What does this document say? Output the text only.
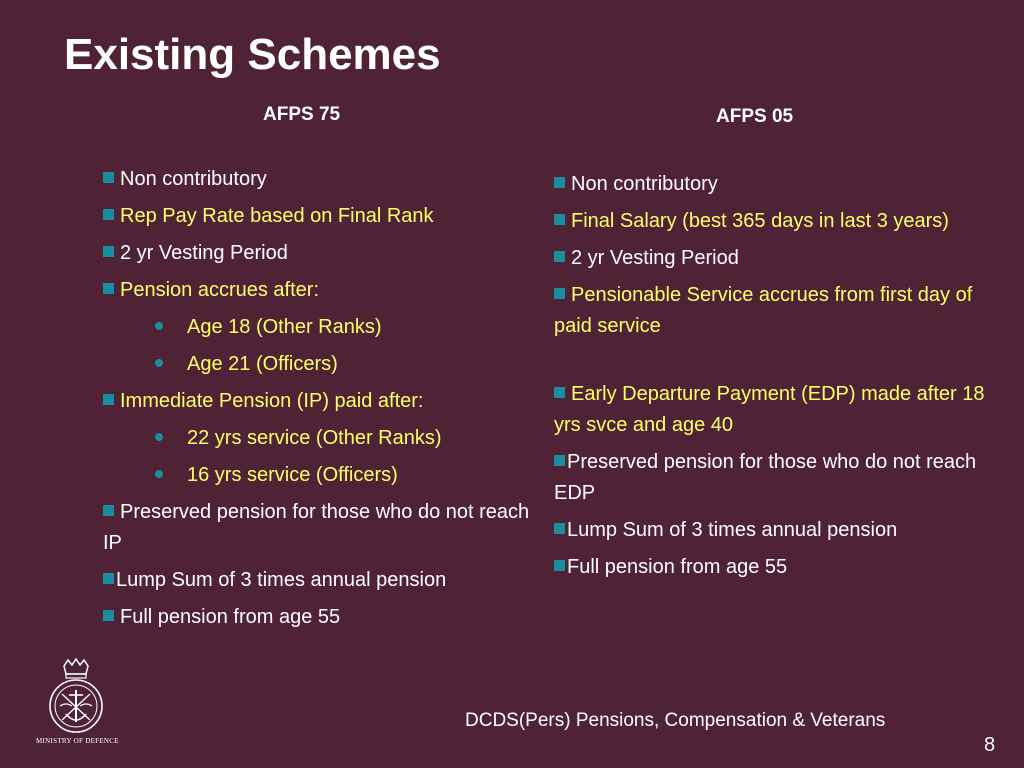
Existing Schemes
AFPS 75	AFPS 05
Non contributory
Rep Pay Rate based on Final Rank
2 yr Vesting Period
Pension accrues after:
Age 18 (Other Ranks)
Age 21 (Officers)
Immediate Pension (IP) paid after:
22 yrs service (Other Ranks)
16 yrs service (Officers)
Preserved pension for those who do not reach IP
Lump Sum of 3 times annual pension
Full pension from age 55
Non contributory
Final Salary (best 365 days in last 3 years)
2 yr Vesting Period
Pensionable Service accrues from first day of paid service
Early Departure Payment (EDP) made after 18 yrs svce and age 40
Preserved pension for those who do not reach EDP
Lump Sum of 3 times annual pension
Full pension from age 55
MINISTRY OF DEFENCE
DCDS(Pers) Pensions, Compensation & Veterans
8
